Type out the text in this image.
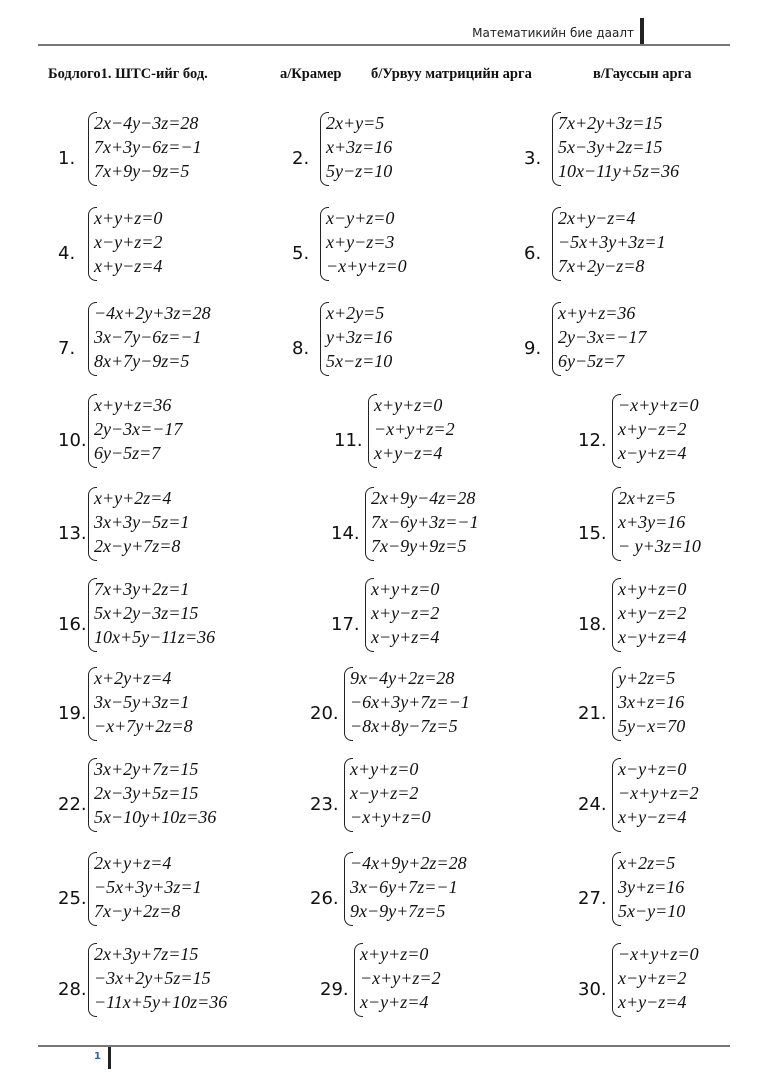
Математикийн бие даалт
Бодлого1. ШТС-ийг бод.	а/Крамер б/Урвуу матрицийн арга	в/Гауссын арга
1.
2x−4y−3z=28
7x+3y−6z=−1
7x+9y−9z=5
2.
2x+y=5
x+3z=16
5y−z=10
3.
7x+2y+3z=15
5x−3y+2z=15
10x−11y+5z=36
4.
x+y+z=0
x−y+z=2
x+y−z=4
5.
x−y+z=0
x+y−z=3
−x+y+z=0
6.
2x+y−z=4
−5x+3y+3z=1
7x+2y−z=8
7.
−4x+2y+3z=28
3x−7y−6z=−1
8x+7y−9z=5
8.
x+2y=5
y+3z=16
5x−z=10
9.
x+y+z=36
2y−3x=−17
6y−5z=7
10.
x+y+z=36
2y−3x=−17
6y−5z=7
11.
x+y+z=0
−x+y+z=2
x+y−z=4
12.
−x+y+z=0
x+y−z=2
x−y+z=4
13.
x+y+2z=4
3x+3y−5z=1
2x−y+7z=8
14.
2x+9y−4z=28
7x−6y+3z=−1
7x−9y+9z=5
15.
2x+z=5
x+3y=16
− y+3z=10
16.
7x+3y+2z=1
5x+2y−3z=15
10x+5y−11z=36
17.
x+y+z=0
x+y−z=2
x−y+z=4
18.
x+y+z=0
x+y−z=2
x−y+z=4
19.
x+2y+z=4
3x−5y+3z=1
−x+7y+2z=8
20.
9x−4y+2z=28
−6x+3y+7z=−1
−8x+8y−7z=5
21.
y+2z=5
3x+z=16
5y−x=70
22.
3x+2y+7z=15
2x−3y+5z=15
5x−10y+10z=36
23.
x+y+z=0
x−y+z=2
−x+y+z=0
24.
x−y+z=0
−x+y+z=2
x+y−z=4
25.
2x+y+z=4
−5x+3y+3z=1
7x−y+2z=8
26.
−4x+9y+2z=28
3x−6y+7z=−1
9x−9y+7z=5
27.
x+2z=5
3y+z=16
5x−y=10
28.
2x+3y+7z=15
−3x+2y+5z=15
−11x+5y+10z=36
29.
x+y+z=0
−x+y+z=2
x−y+z=4
30.
−x+y+z=0
x−y+z=2
x+y−z=4
1
